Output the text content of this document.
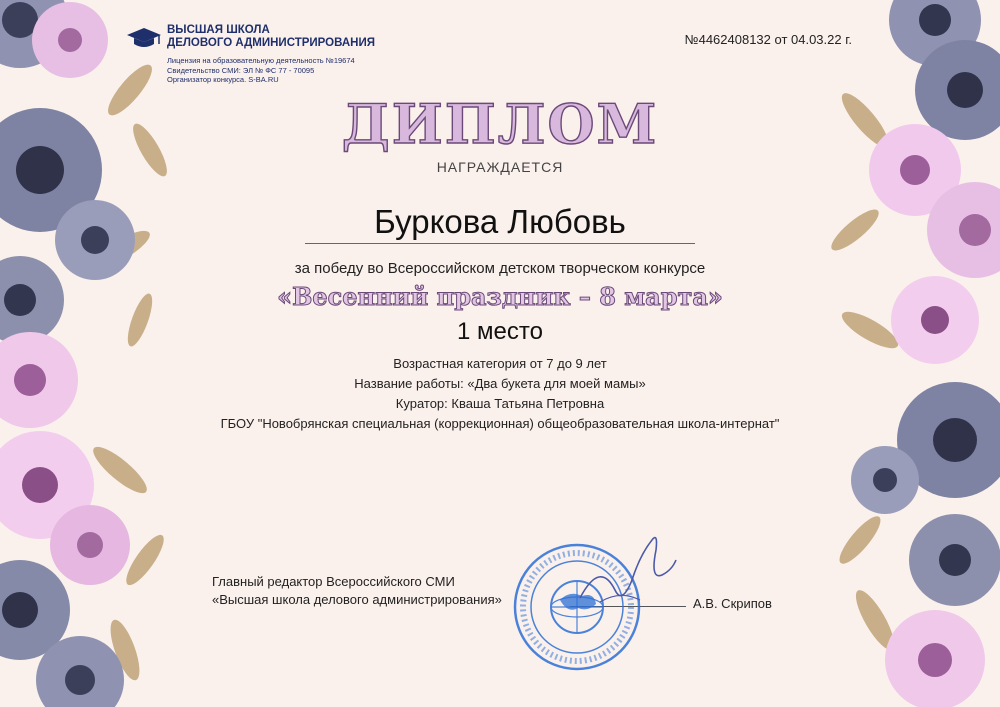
ВЫСШАЯ ШКОЛА
ДЕЛОВОГО АДМИНИСТРИРОВАНИЯ
Лицензия на образовательную деятельность №19674
Свидетельство СМИ: ЭЛ № ФС 77 - 70095
Организатор конкурса. S-BA.RU
№4462408132 от 04.03.22 г.
ДИПЛОМ
НАГРАЖДАЕТСЯ
Буркова Любовь
за победу во Всероссийском детском творческом конкурсе
«Весенний праздник – 8 марта»
1 место
Возрастная категория от 7 до 9 лет
Название работы: «Два букета для моей мамы»
Куратор: Кваша Татьяна Петровна
ГБОУ "Новобрянская специальная (коррекционная) общеобразовательная школа-интернат"
Главный редактор Всероссийского СМИ
«Высшая школа делового администрирования»	А.В. Скрипов
